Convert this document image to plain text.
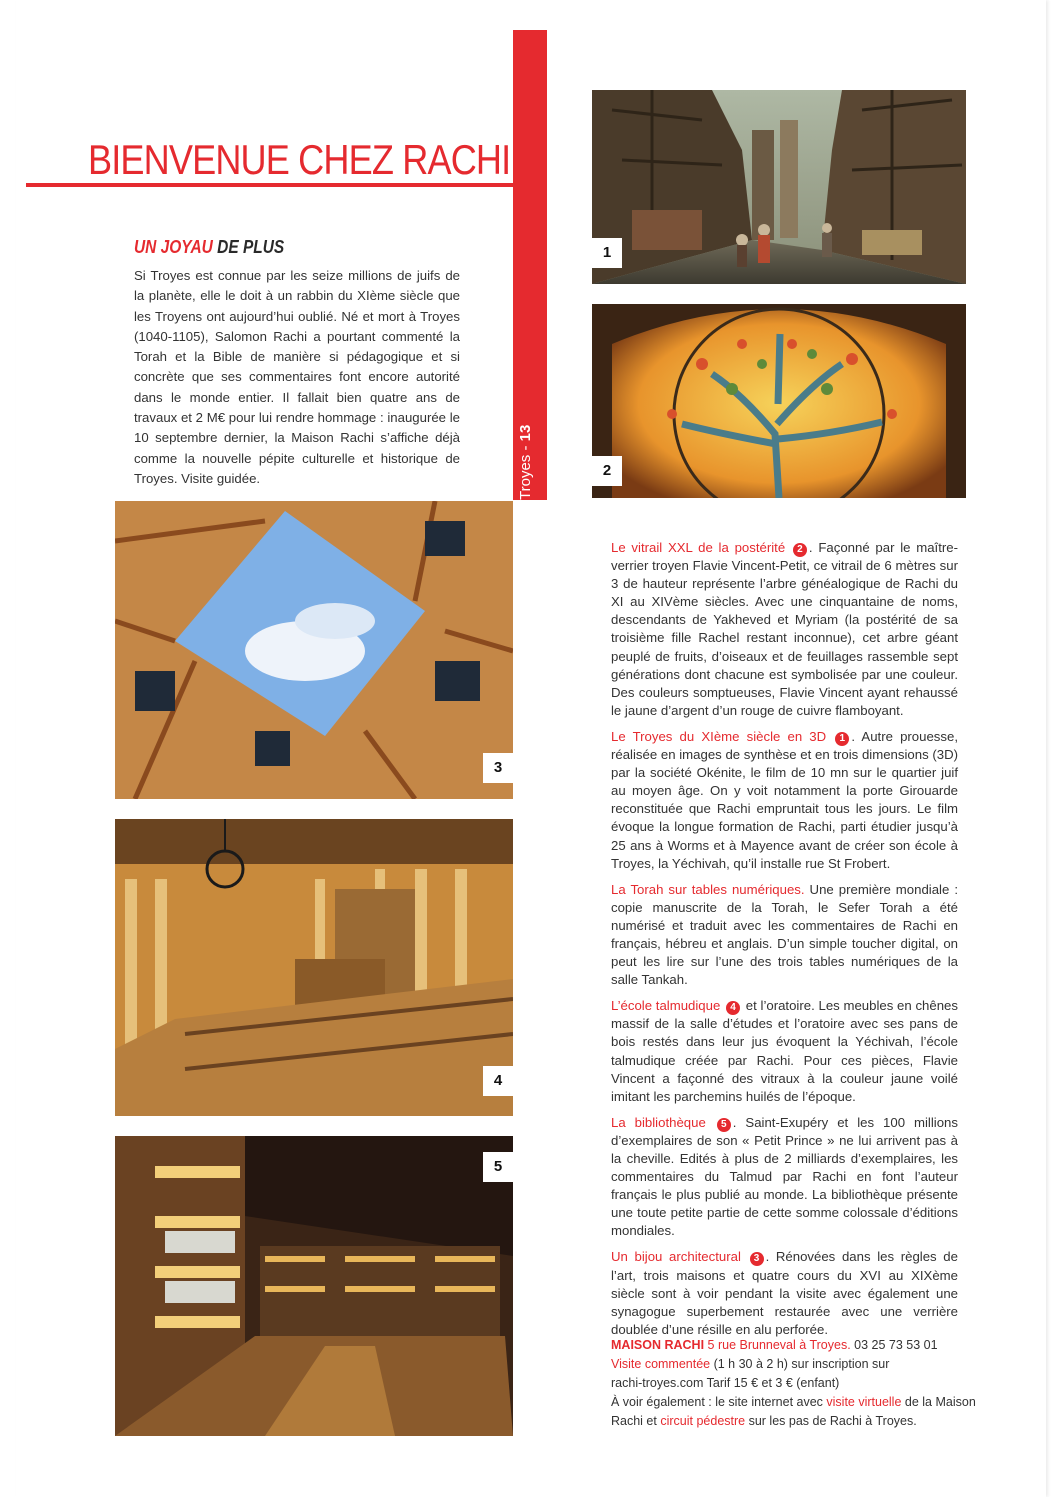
BIENVENUE CHEZ RACHI
Troyes - 13
UN JOYAU DE PLUS

Si Troyes est connue par les seize millions de juifs de la planète, elle le doit à un rabbin du XIème siècle que les Troyens ont aujourd’hui oublié. Né et mort à Troyes (1040-1105), Salomon Rachi a pourtant commenté la Torah et la Bible de manière si pédagogique et si concrète que ses commentaires font encore autorité dans le monde entier. Il fallait bien quatre ans de travaux et 2 M€ pour lui rendre hommage : inaugurée le 10 septembre dernier, la Maison Rachi s’affiche déjà comme la nouvelle pépite culturelle et historique de Troyes. Visite guidée.

1
2
3
4
5

Le vitrail XXL de la postérité 2 . Façonné par le maître-verrier troyen Flavie Vincent-Petit, ce vitrail de 6 mètres sur 3 de hauteur représente l’arbre généalogique de Rachi du XI au XIVème siècles. Avec une cinquantaine de noms, descendants de Yakheved et Myriam (la postérité de sa troisième fille Rachel restant inconnue), cet arbre géant peuplé de fruits, d’oiseaux et de feuillages rassemble sept générations dont chacune est symbolisée par une couleur. Des couleurs somptueuses, Flavie Vincent ayant rehaussé le jaune d’argent d’un rouge de cuivre flamboyant.

Le Troyes du XIème siècle en 3D 1 . Autre prouesse, réalisée en images de synthèse et en trois dimensions (3D) par la société Okénite, le film de 10 mn sur le quartier juif au moyen âge. On y voit notamment la porte Girouarde reconstituée que Rachi empruntait tous les jours. Le film évoque la longue formation de Rachi, parti étudier jusqu’à 25 ans à Worms et à Mayence avant de créer son école à Troyes, la Yéchivah, qu’il installe rue St Frobert.

La Torah sur tables numériques. Une première mondiale : copie manuscrite de la Torah, le Sefer Torah a été numérisé et traduit avec les commentaires de Rachi en français, hébreu et anglais. D’un simple toucher digital, on peut les lire sur l’une des trois tables numériques de la salle Tankah.

L’école talmudique 4 et l’oratoire. Les meubles en chênes massif de la salle d’études et l’oratoire avec ses pans de bois restés dans leur jus évoquent la Yéchivah, l’école talmudique créée par Rachi. Pour ces pièces, Flavie Vincent a façonné des vitraux à la couleur jaune voilé imitant les parchemins huilés de l’époque.

La bibliothèque 5 . Saint-Exupéry et les 100 millions d’exemplaires de son « Petit Prince » ne lui arrivent pas à la cheville. Edités à plus de 2 milliards d’exemplaires, les commentaires du Talmud par Rachi en font l’auteur français le plus publié au monde. La bibliothèque présente une toute petite partie de cette somme colossale d’éditions mondiales.

Un bijou architectural 3 . Rénovées dans les règles de l’art, trois maisons et quatre cours du XVI au XIXème siècle sont à voir pendant la visite avec également une synagogue superbement restaurée avec une verrière doublée d’une résille en alu perforée.

MAISON RACHI 5 rue Brunneval à Troyes. 03 25 73 53 01
Visite commentée (1 h 30 à 2 h) sur inscription sur
rachi-troyes.com Tarif 15 € et 3 € (enfant)
À voir également : le site internet avec visite virtuelle de la Maison
Rachi et circuit pédestre sur les pas de Rachi à Troyes.
